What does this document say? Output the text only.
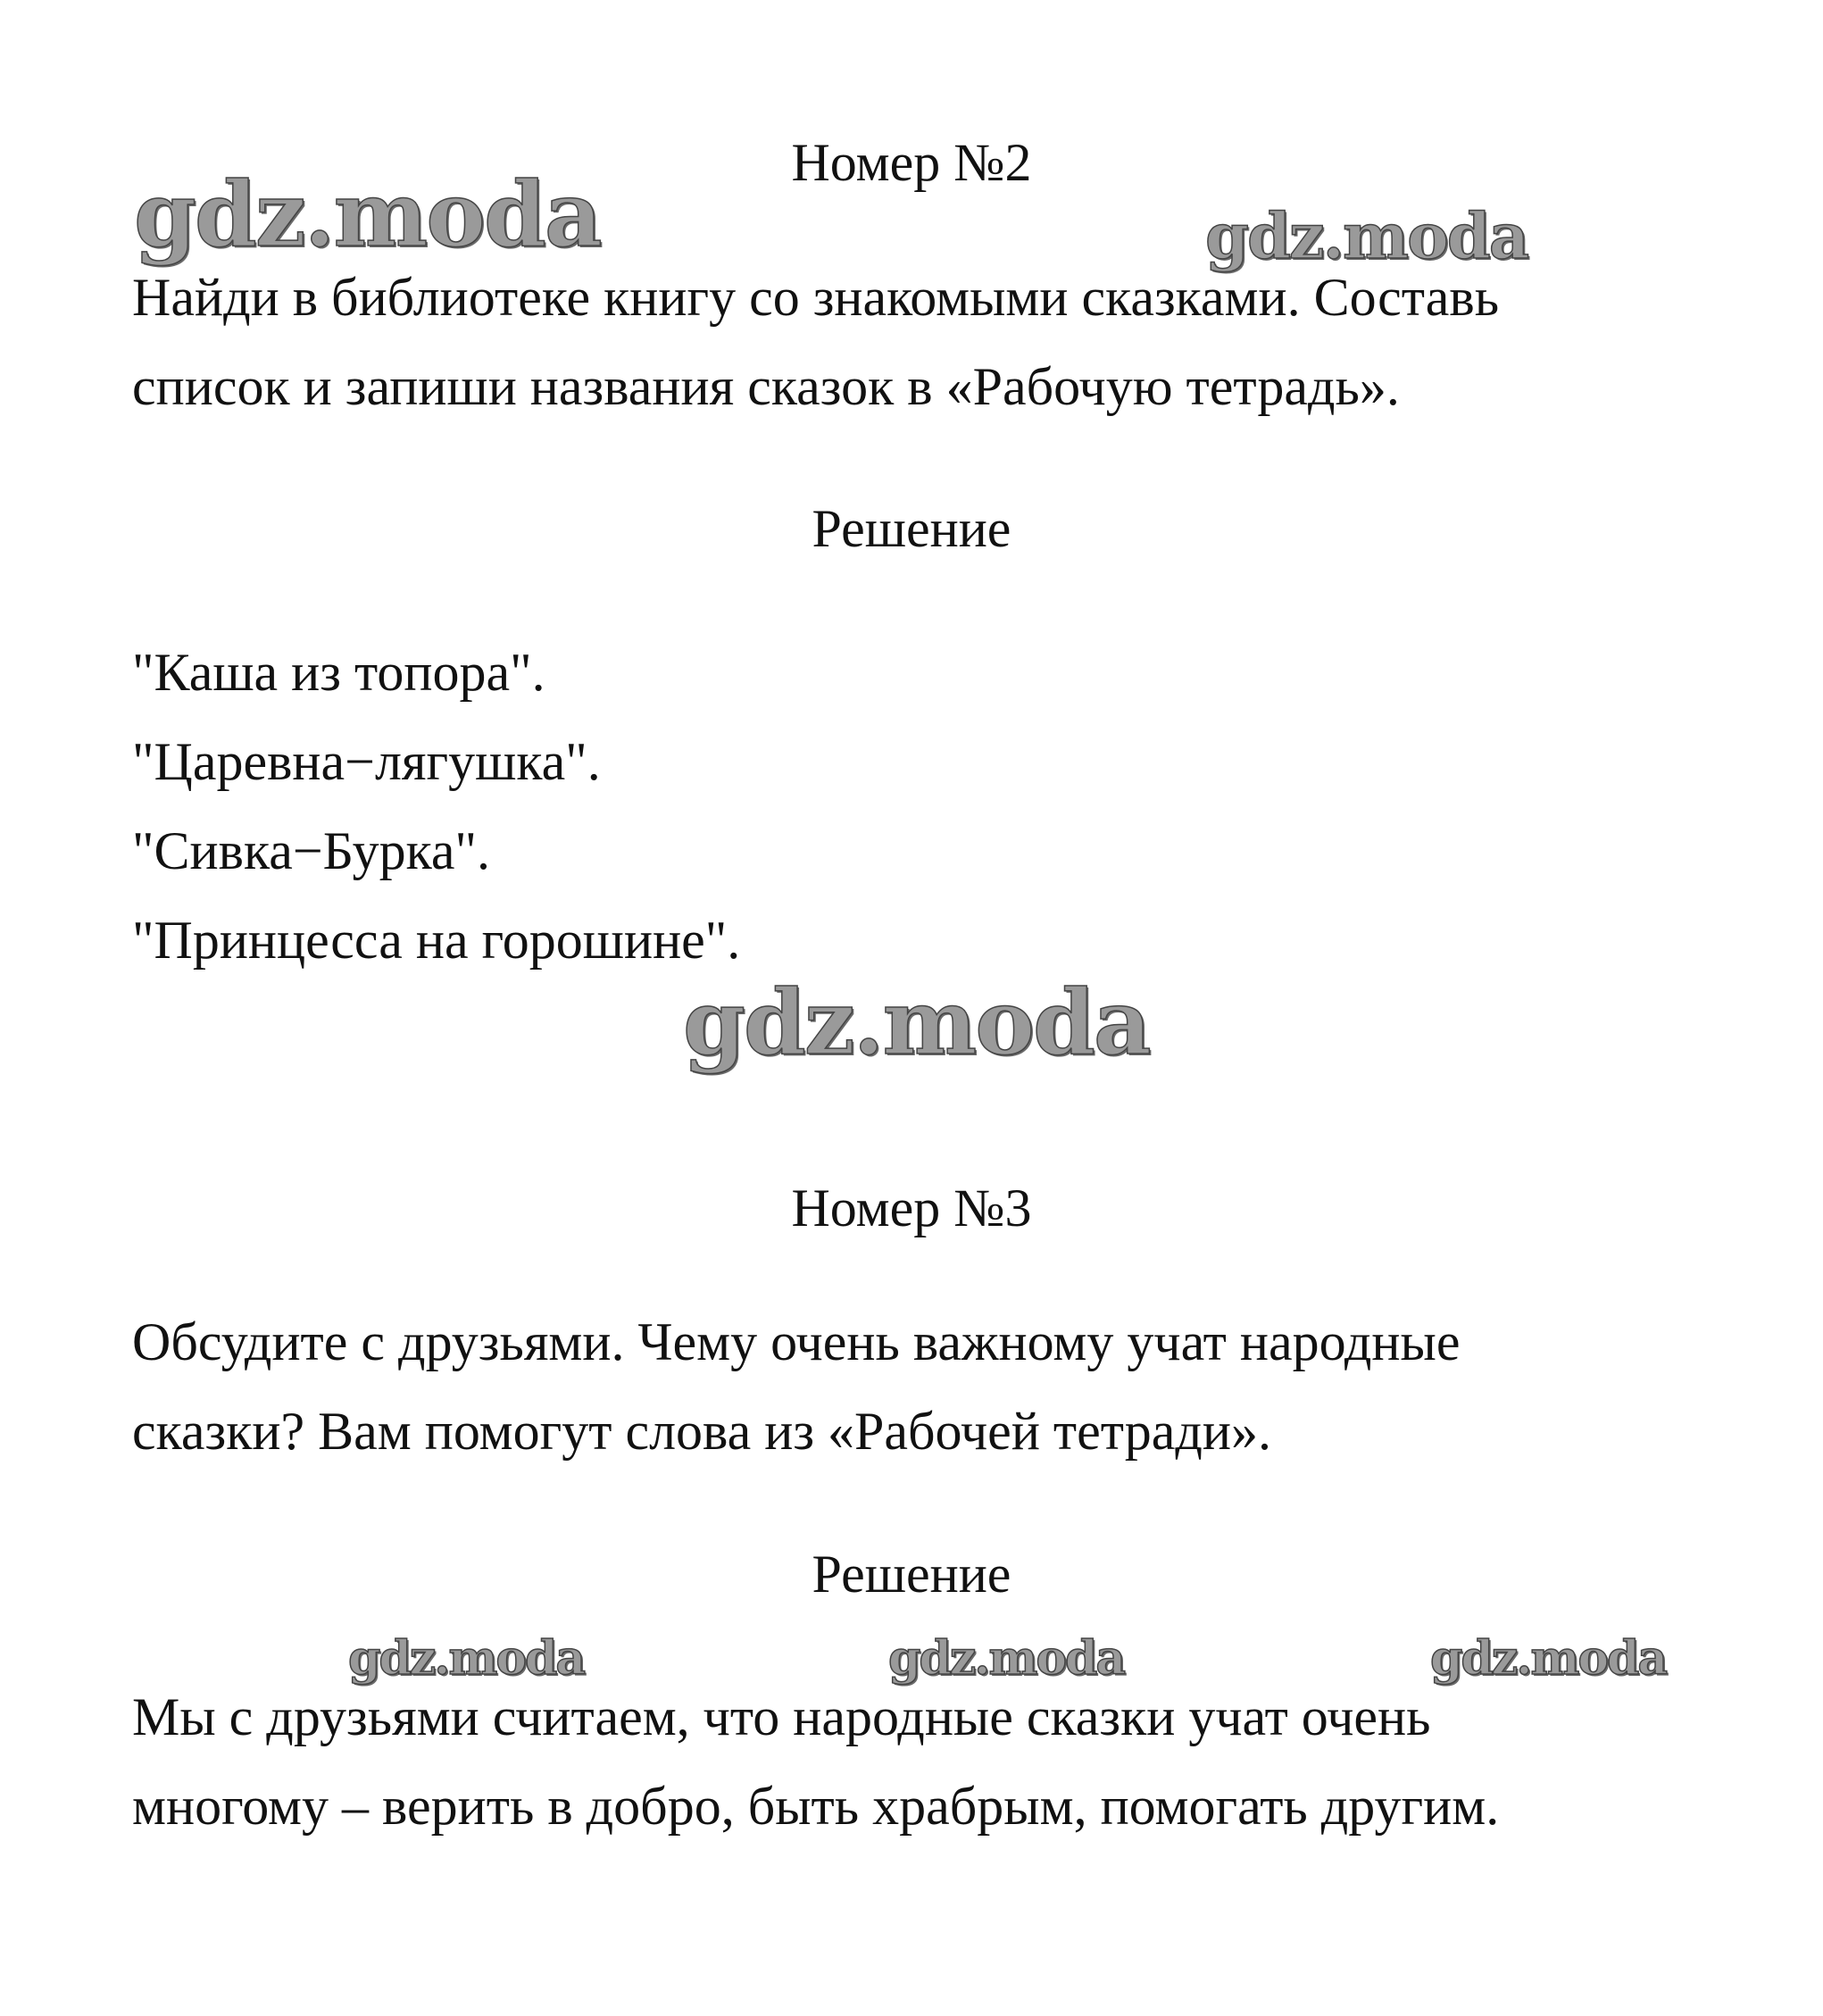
gdz.moda	gdz.moda
gdz.moda
gdz.moda	gdz.moda	gdz.moda
Номер №2
Найди в библиотеке книгу со знакомыми сказками. Составь
список и запиши названия сказок в «Рабочую тетрадь».
Решение
"Каша из топора".
"Царевна−лягушка".
"Сивка−Бурка".
"Принцесса на горошине".
Номер №3
Обсудите с друзьями. Чему очень важному учат народные
сказки? Вам помогут слова из «Рабочей тетради».
Решение
Мы с друзьями считаем, что народные сказки учат очень
многому – верить в добро, быть храбрым, помогать другим.
